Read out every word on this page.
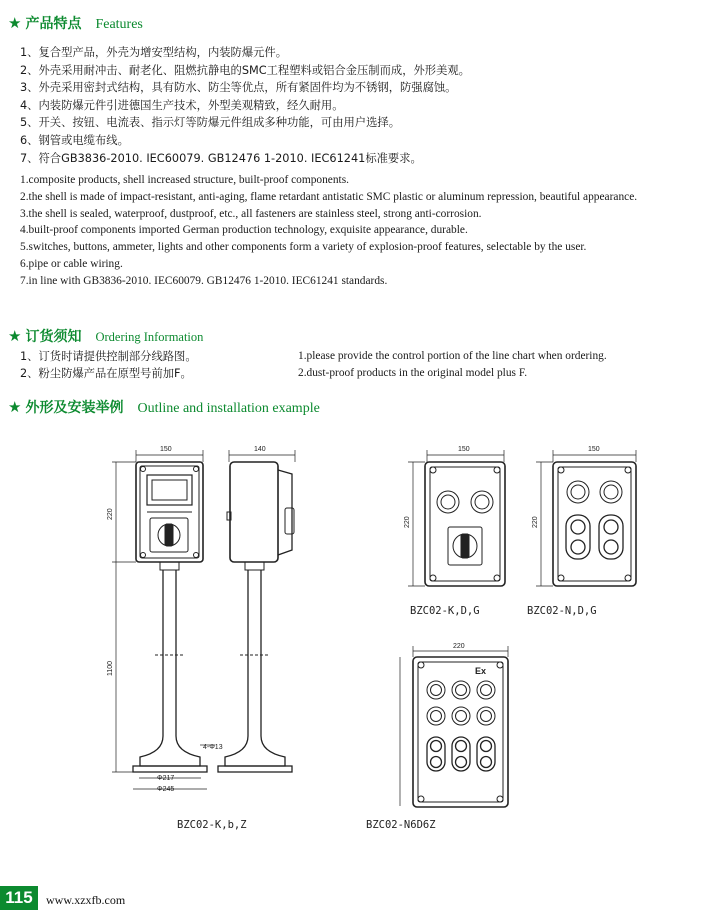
★ 产品特点 Features
1、复合型产品，外壳为增安型结构，内装防爆元件。
2、外壳采用耐冲击、耐老化、阻燃抗静电的SMC工程塑料或铝合金压制而成，外形美观。
3、外壳采用密封式结构，具有防水、防尘等优点，所有紧固件均为不锈钢，防强腐蚀。
4、内装防爆元件引进德国生产技术，外型美观精致，经久耐用。
5、开关、按钮、电流表、指示灯等防爆元件组成多种功能，可由用户选择。
6、钢管或电缆布线。
7、符合GB3836-2010. IEC60079. GB12476 1-2010. IEC61241标准要求。
1.composite products, shell increased structure, built-proof components.
2.the shell is made of impact-resistant, anti-aging, flame retardant antistatic SMC plastic or aluminum repression, beautiful appearance.
3.the shell is sealed, waterproof, dustproof, etc., all fasteners are stainless steel, strong anti-corrosion.
4.built-proof components imported German production technology, exquisite appearance, durable.
5.switches, buttons, ammeter, lights and other components form a variety of explosion-proof features, selectable by the user.
6.pipe or cable wiring.
7.in line with GB3836-2010. IEC60079. GB12476 1-2010. IEC61241 standards.
★ 订货须知 Ordering Information
1、订货时请提供控制部分线路图。
2、粉尘防爆产品在原型号前加F。
1.please provide the control portion of the line chart when ordering.
2.dust-proof products in the original model plus F.
★ 外形及安装举例 Outline and installation example
150
220
1100
140
4-Φ13
Φ217
Φ245
BZC02-K,b,Z
150
220
BZC02-K,D,G
150
220
BZC02-N,D,G
220
Ex
BZC02-N6D6Z
115	www.xzxfb.com
